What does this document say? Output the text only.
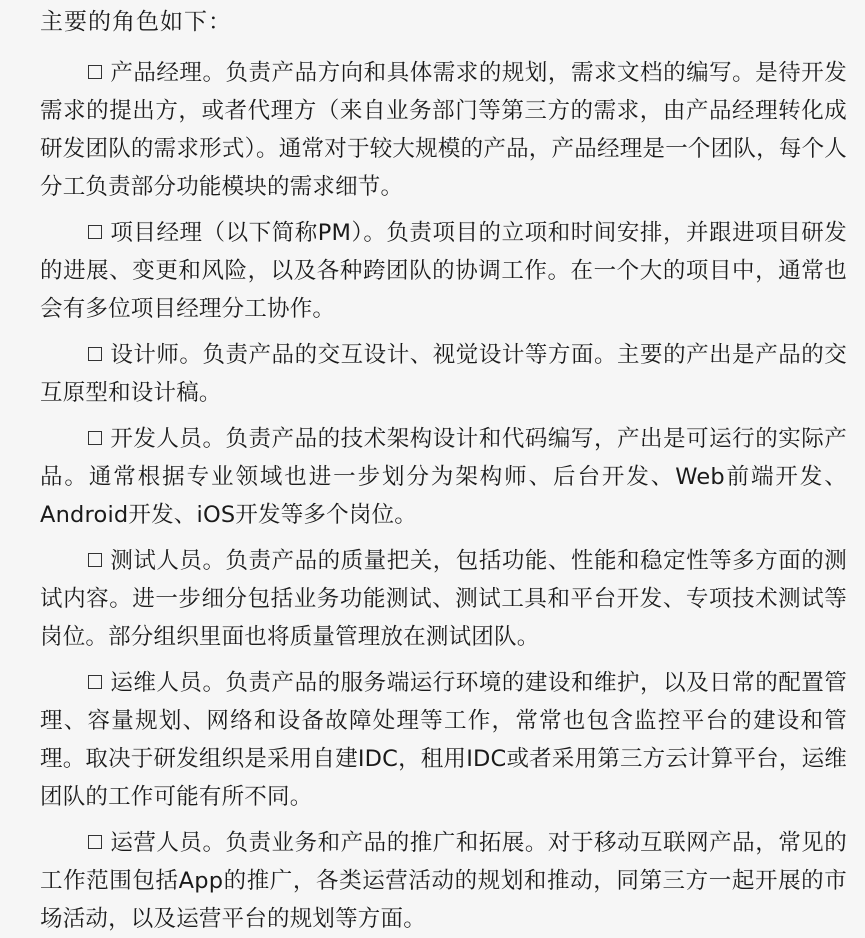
主要的角色如下：

产品经理。负责产品方向和具体需求的规划，需求文档的编写。是待开发需求的提出方，或者代理方（来自业务部门等第三方的需求，由产品经理转化成研发团队的需求形式）。通常对于较大规模的产品，产品经理是一个团队，每个人分工负责部分功能模块的需求细节。

项目经理（以下简称PM）。负责项目的立项和时间安排，并跟进项目研发的进展、变更和风险，以及各种跨团队的协调工作。在一个大的项目中，通常也会有多位项目经理分工协作。

设计师。负责产品的交互设计、视觉设计等方面。主要的产出是产品的交互原型和设计稿。

开发人员。负责产品的技术架构设计和代码编写，产出是可运行的实际产品。通常根据专业领域也进一步划分为架构师、后台开发、Web前端开发、Android开发、iOS开发等多个岗位。

测试人员。负责产品的质量把关，包括功能、性能和稳定性等多方面的测试内容。进一步细分包括业务功能测试、测试工具和平台开发、专项技术测试等岗位。部分组织里面也将质量管理放在测试团队。

运维人员。负责产品的服务端运行环境的建设和维护，以及日常的配置管理、容量规划、网络和设备故障处理等工作，常常也包含监控平台的建设和管理。取决于研发组织是采用自建IDC，租用IDC或者采用第三方云计算平台，运维团队的工作可能有所不同。

运营人员。负责业务和产品的推广和拓展。对于移动互联网产品，常见的工作范围包括App的推广，各类运营活动的规划和推动，同第三方一起开展的市场活动，以及运营平台的规划等方面。
